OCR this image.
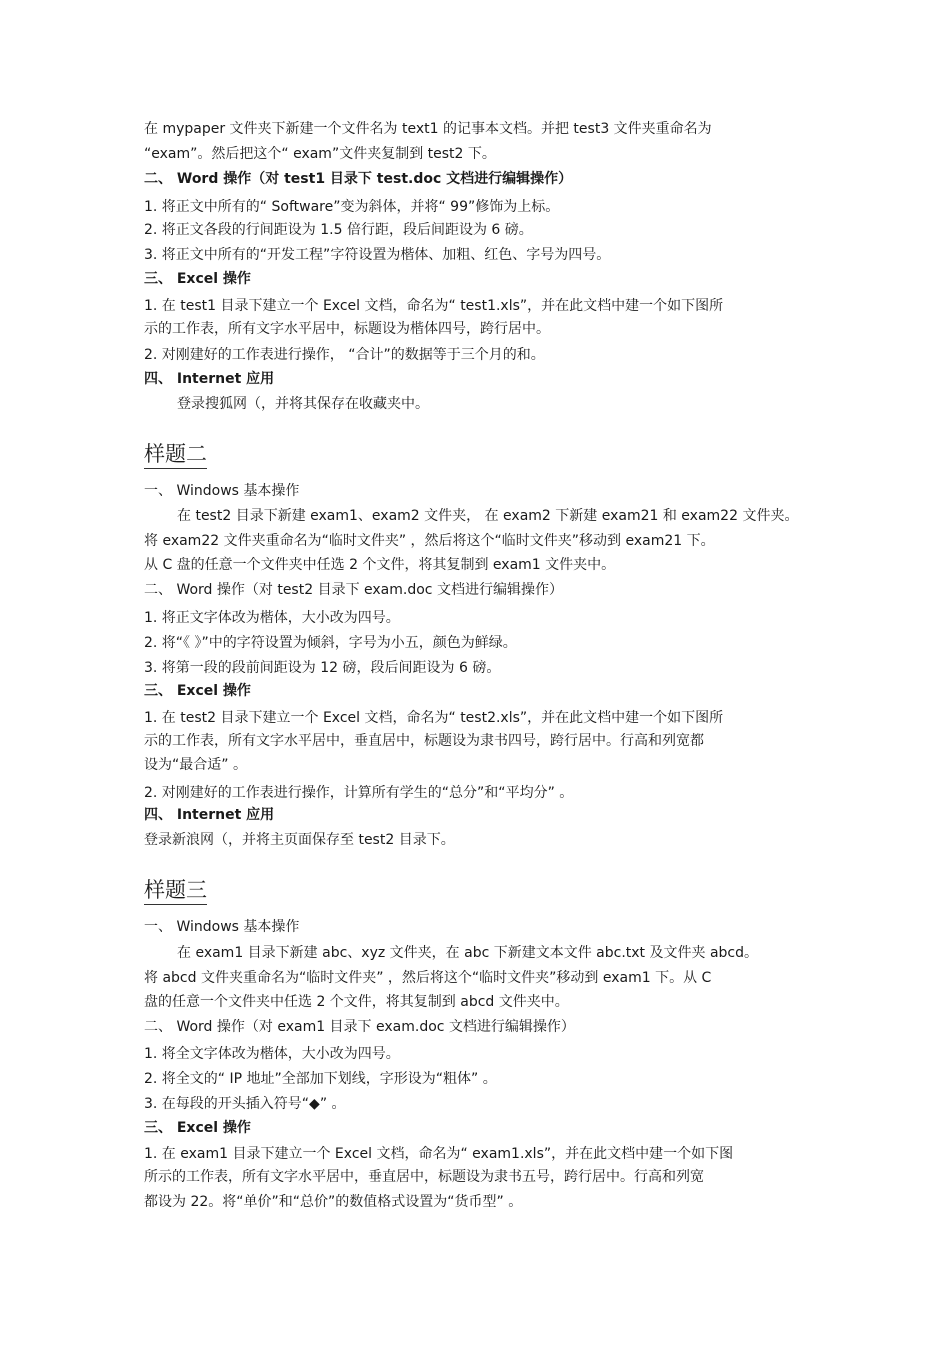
在 mypaper 文件夹下新建一个文件名为 text1 的记事本文档。并把 test3 文件夹重命名为
“exam”。然后把这个“ exam”文件夹复制到 test2 下。
二、 Word 操作（对 test1 目录下 test.doc 文档进行编辑操作）
1. 将正文中所有的“ Software”变为斜体，并将“ 99”修饰为上标。
2. 将正文各段的行间距设为 1.5 倍行距，段后间距设为 6 磅。
3. 将正文中所有的“开发工程”字符设置为楷体、加粗、红色、字号为四号。
三、 Excel 操作
1. 在 test1 目录下建立一个 Excel 文档，命名为“ test1.xls”，并在此文档中建一个如下图所
示的工作表，所有文字水平居中，标题设为楷体四号，跨行居中。
2. 对刚建好的工作表进行操作， “合计”的数据等于三个月的和。
四、 Internet 应用
登录搜狐网（，并将其保存在收藏夹中。
样题二
一、 Windows 基本操作
在 test2 目录下新建 exam1、exam2 文件夹， 在 exam2 下新建 exam21 和 exam22 文件夹。
将 exam22 文件夹重命名为“临时文件夹” ，然后将这个“临时文件夹”移动到 exam21 下。
从 C 盘的任意一个文件夹中任选 2 个文件，将其复制到 exam1 文件夹中。
二、 Word 操作（对 test2 目录下 exam.doc 文档进行编辑操作）
1. 将正文字体改为楷体，大小改为四号。
2. 将“《 》”中的字符设置为倾斜，字号为小五，颜色为鲜绿。
3. 将第一段的段前间距设为 12 磅，段后间距设为 6 磅。
三、 Excel 操作
1. 在 test2 目录下建立一个 Excel 文档，命名为“ test2.xls”，并在此文档中建一个如下图所
示的工作表，所有文字水平居中，垂直居中，标题设为隶书四号，跨行居中。行高和列宽都
设为“最合适” 。
2. 对刚建好的工作表进行操作，计算所有学生的“总分”和“平均分” 。
四、 Internet 应用
登录新浪网（，并将主页面保存至 test2 目录下。
样题三
一、 Windows 基本操作
在 exam1 目录下新建 abc、xyz 文件夹，在 abc 下新建文本文件 abc.txt 及文件夹 abcd。
将 abcd 文件夹重命名为“临时文件夹” ，然后将这个“临时文件夹”移动到 exam1 下。从 C
盘的任意一个文件夹中任选 2 个文件，将其复制到 abcd 文件夹中。
二、 Word 操作（对 exam1 目录下 exam.doc 文档进行编辑操作）
1. 将全文字体改为楷体，大小改为四号。
2. 将全文的“ IP 地址”全部加下划线，字形设为“粗体” 。
3. 在每段的开头插入符号“◆” 。
三、 Excel 操作
1. 在 exam1 目录下建立一个 Excel 文档，命名为“ exam1.xls”，并在此文档中建一个如下图
所示的工作表，所有文字水平居中，垂直居中，标题设为隶书五号，跨行居中。行高和列宽
都设为 22。将“单价”和“总价”的数值格式设置为“货币型” 。
